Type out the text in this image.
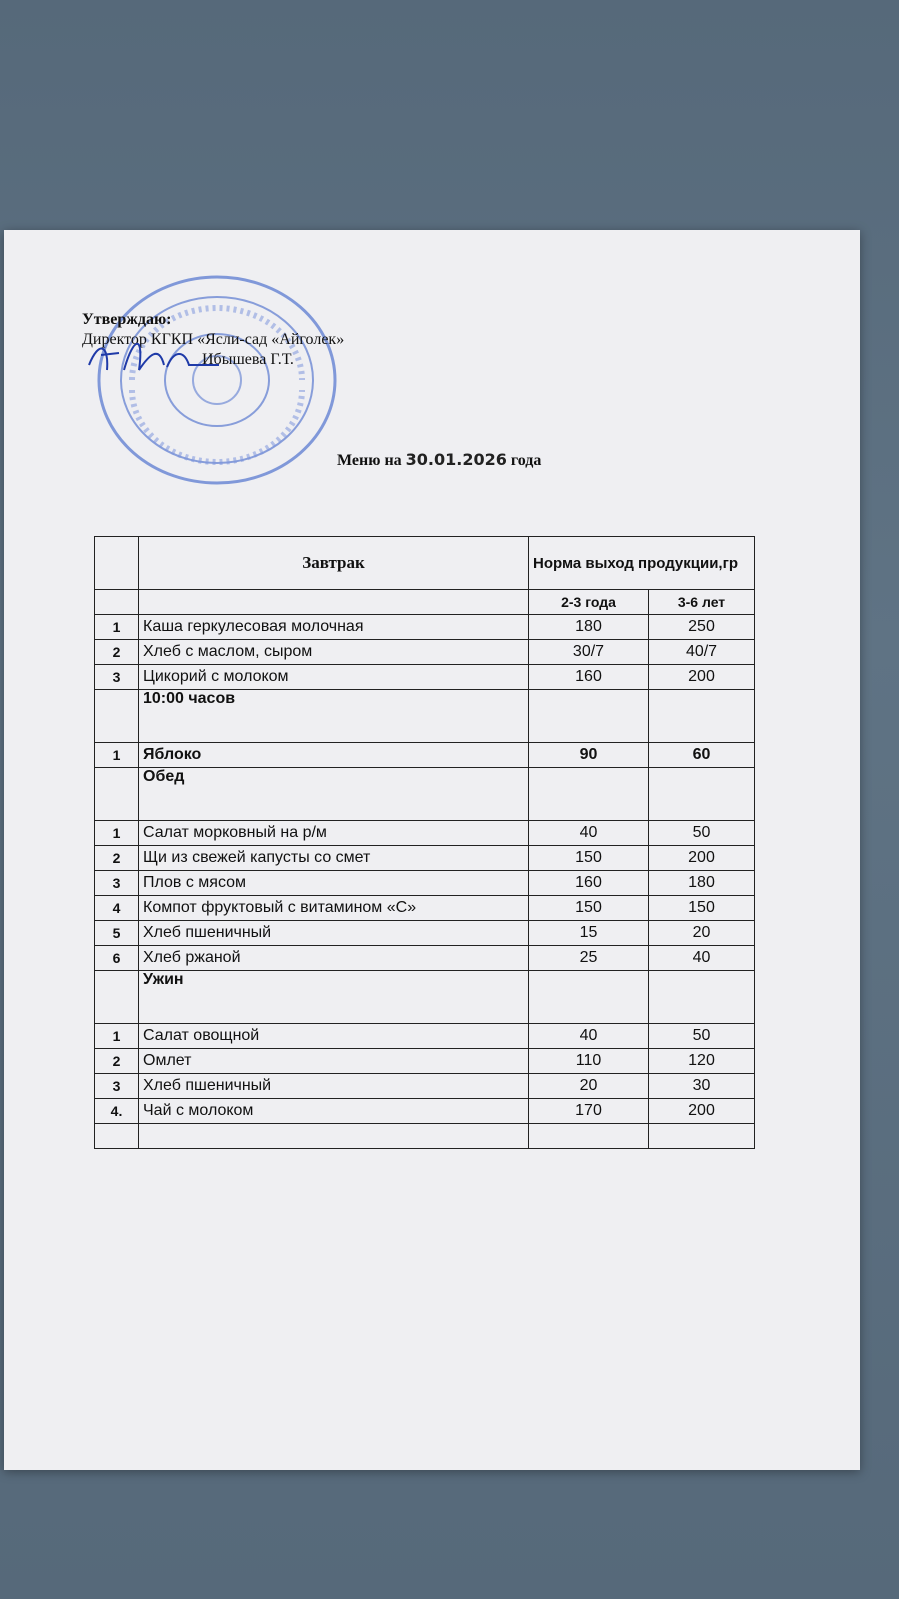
Утверждаю:
Директор КГКП «Ясли-сад «Айголек»
Ибышева Г.Т.
Меню на 30.01.2026 года
	Завтрак	Норма выход продукции,гр	
		2-3 года	3-6 лет
1	Каша геркулесовая молочная	180	250
2	Хлеб с маслом, сыром	30/7	40/7
3	Цикорий с молоком	160	200
	10:00 часов		
1	Яблоко	90	60
	Обед		
1	Салат морковный на р/м	40	50
2	Щи из свежей капусты со смет	150	200
3	Плов с мясом	160	180
4	Компот фруктовый с витамином «С»	150	150
5	Хлеб пшеничный	15	20
6	Хлеб ржаной	25	40
	Ужин		
1	Салат овощной	40	50
2	Омлет	110	120
3	Хлеб пшеничный	20	30
4.	Чай с молоком	170	200
